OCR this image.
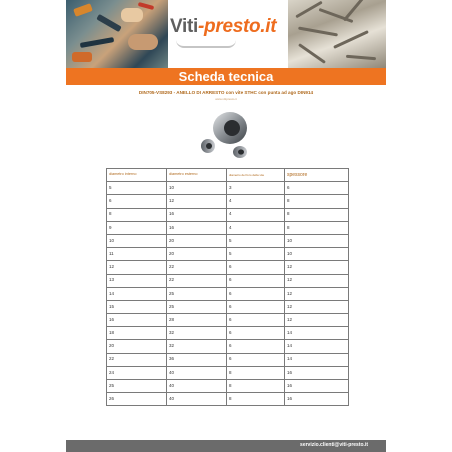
Viti-presto.it
Scheda tecnica
DIN705-VS8293 - ANELLO DI ARRESTO con vite STHC con punta ad ago DIN914
www.vitipresto.it
diametro interno	diametro esterno	diametro del foro della vite	spessore
5	10	3	6
6	12	4	8
8	16	4	8
9	16	4	8
10	20	5	10
11	20	5	10
12	22	6	12
13	22	6	12
14	25	6	12
15	25	6	12
16	28	6	12
18	32	6	14
20	32	6	14
22	36	6	14
24	40	8	16
25	40	8	16
26	40	8	16
servizio.clienti@viti-presto.it
